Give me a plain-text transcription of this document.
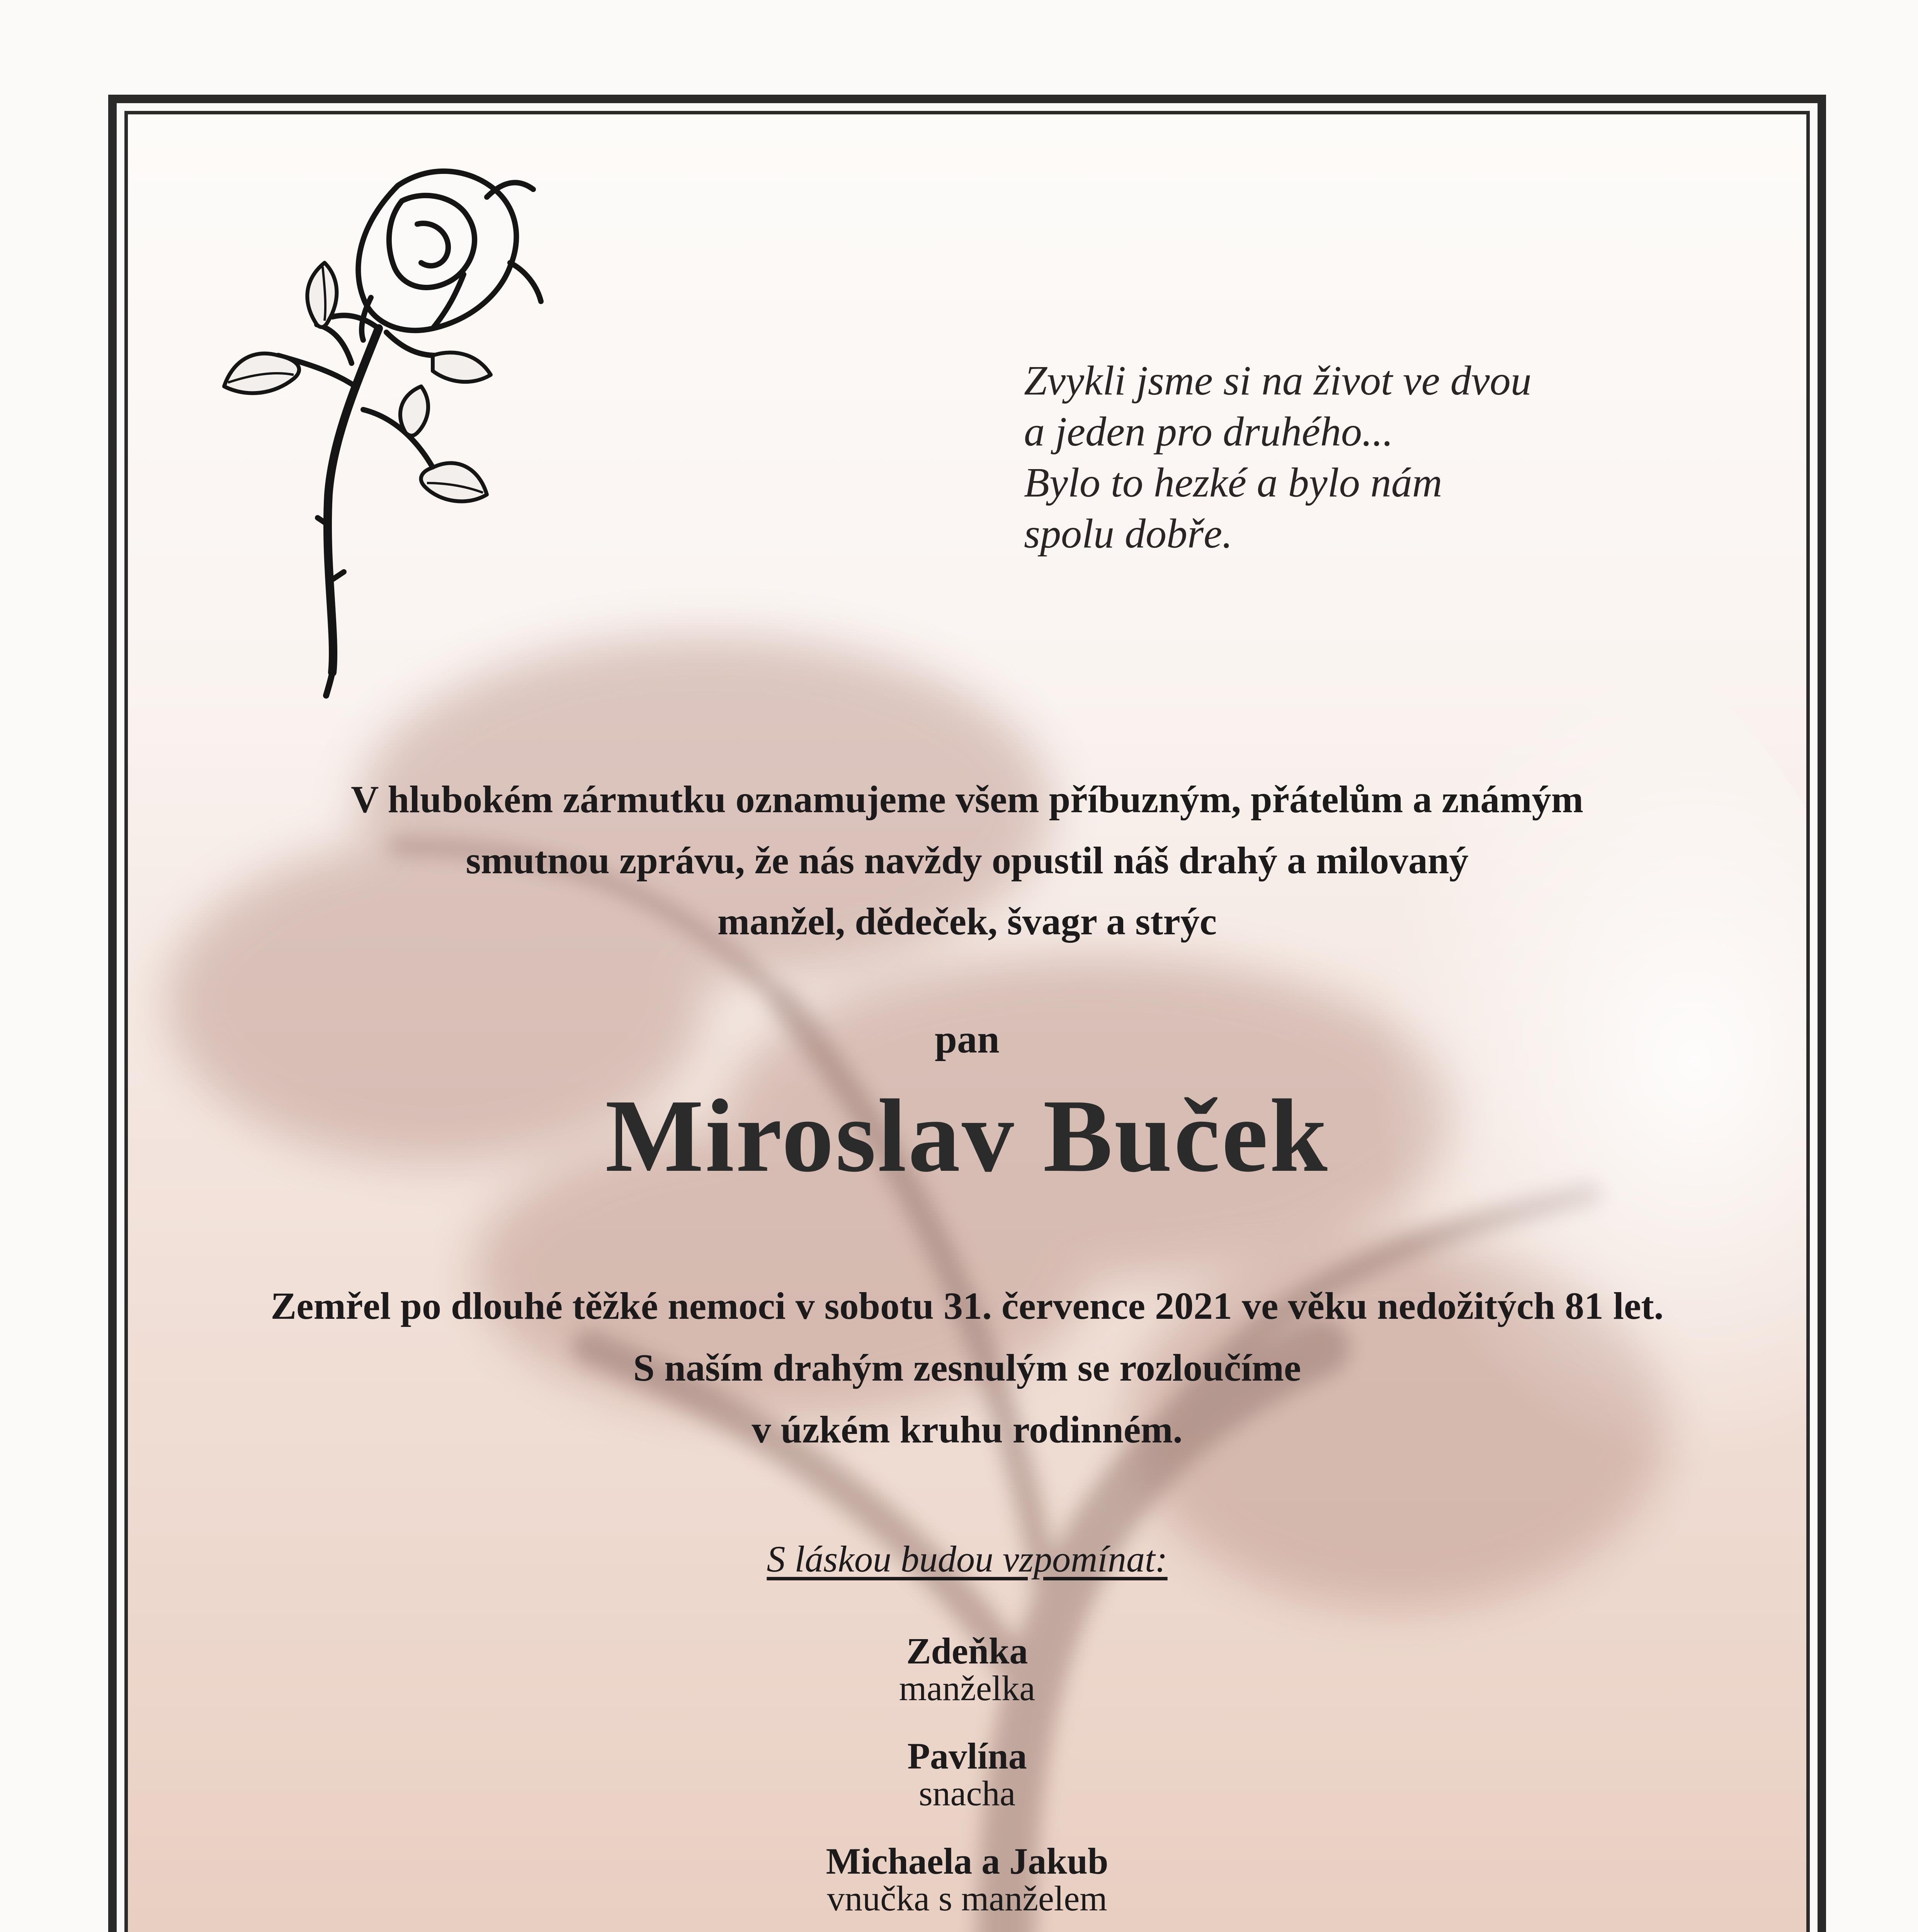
Zvykli jsme si na život ve dvou
a jeden pro druhého...
Bylo to hezké a bylo nám
spolu dobře.
V hlubokém zármutku oznamujeme všem příbuzným, přátelům a známým
smutnou zprávu, že nás navždy opustil náš drahý a milovaný
manžel, dědeček, švagr a strýc
pan
Miroslav Buček
Zemřel po dlouhé těžké nemoci v sobotu 31. července 2021 ve věku nedožitých 81 let.
S naším drahým zesnulým se rozloučíme
v úzkém kruhu rodinném.
S láskou budou vzpomínat:
Zdeňka
manželka
Pavlína
snacha
Michaela a Jakub
vnučka s manželem
